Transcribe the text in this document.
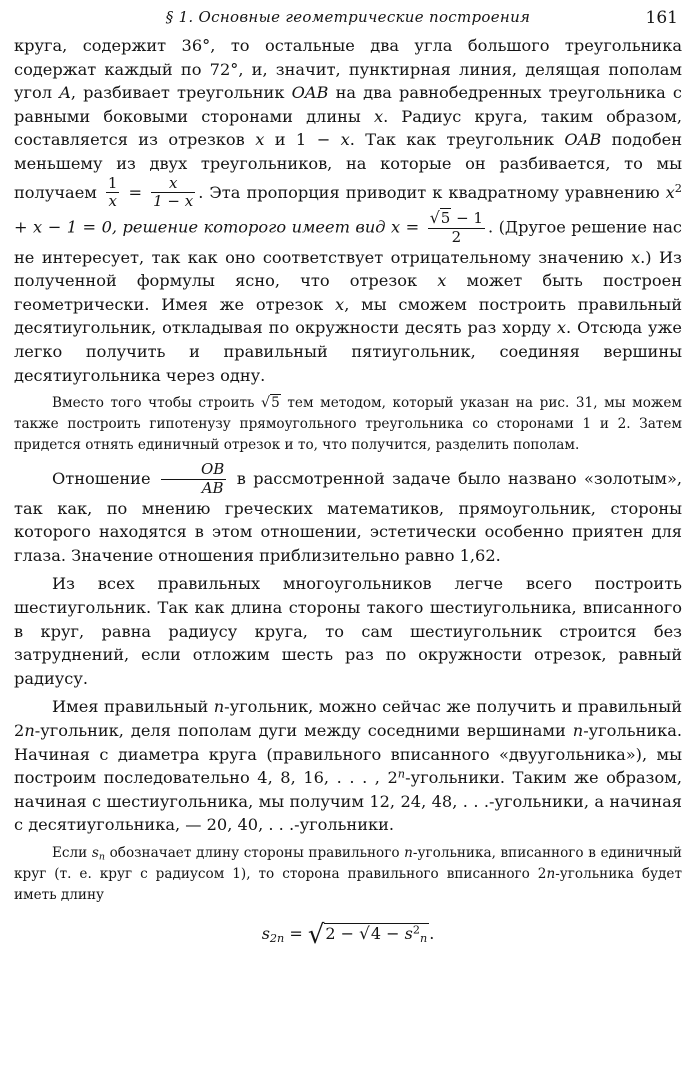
§ 1. Основные геометрические построения	161

круга, содержит 36°, то остальные два угла большого треугольника содержат каждый по 72°, и, значит, пунктирная линия, делящая пополам угол A, разбивает треугольник OAB на два равнобедренных треугольника с равными боковыми сторонами длины x. Радиус круга, таким образом, составляется из отрезков x и 1 − x. Так как треугольник OAB подобен меньшему из двух треугольников, на которые он разбивается, то мы получаем $\frac{1}{x} = \frac{x}{1 - x}$ . Эта пропорция приводит к квадратному уравнению $x^2 + x - 1 = 0$, решение которого имеет вид $x = \frac{√5 - 1}{2}$ . (Другое решение нас не интересует, так как оно соответствует отрицательному значению x.) Из полученной формулы ясно, что отрезок x может быть построен геометрически. Имея же отрезок x, мы сможем построить правильный десятиугольник, откладывая по окружности десять раз хорду x. Отсюда уже легко получить и правильный пятиугольник, соединяя вершины десятиугольника через одну.

Вместо того чтобы строить √5 тем методом, который указан на рис. 31, мы можем также построить гипотенузу прямоугольного треугольника со сторонами 1 и 2. Затем придется отнять единичный отрезок и то, что получится, разделить пополам.

Отношение $\frac{OB}{AB}$ в рассмотренной задаче было названо «золотым», так как, по мнению греческих математиков, прямоугольник, стороны которого находятся в этом отношении, эстетически особенно приятен для глаза. Значение отношения приблизительно равно 1,62.

Из всех правильных многоугольников легче всего построить шестиугольник. Так как длина стороны такого шестиугольника, вписанного в круг, равна радиусу круга, то сам шестиугольник строится без затруднений, если отложим шесть раз по окружности отрезок, равный радиусу.

Имея правильный n-угольник, можно сейчас же получить и правильный 2n-угольник, деля пополам дуги между соседними вершинами n-угольника. Начиная с диаметра круга (правильного вписанного «двуугольника»), мы построим последовательно 4, 8, 16, . . . , 2$^n$-угольники. Таким же образом, начиная с шестиугольника, мы получим 12, 24, 48, . . .-угольники, а начиная с десятиугольника, — 20, 40, . . .-угольники.

Если $s_n$ обозначает длину стороны правильного n-угольника, вписанного в единичный круг (т. е. круг с радиусом 1), то сторона правильного вписанного 2n-угольника будет иметь длину

$s_{2n} = √2 - √4 - s^2_n$ .
